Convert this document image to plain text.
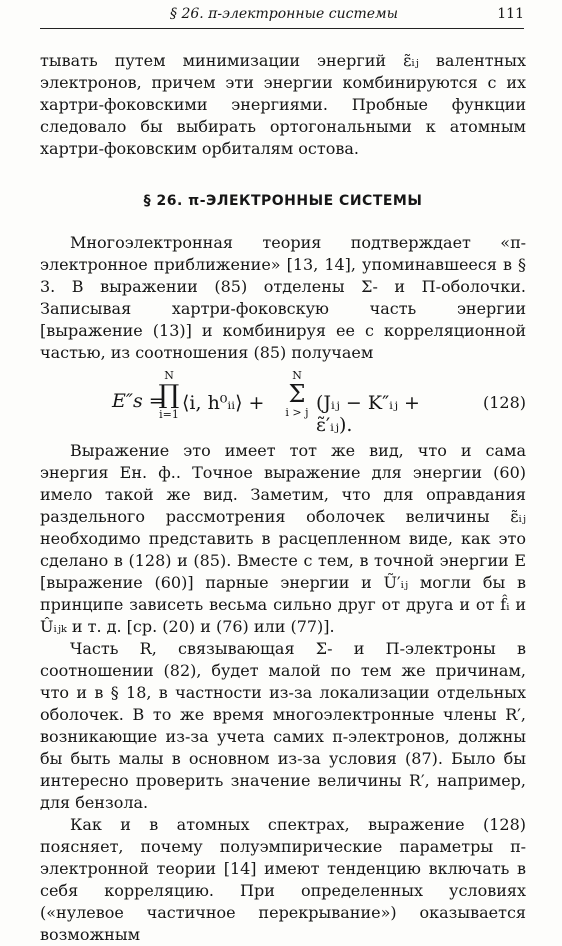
§ 26. π-электронные системы	111

тывать путем минимизации энергий ε̃ᵢⱼ валентных электронов, причем эти энергии комбинируются с их хартри-фоковскими энергиями. Пробные функции следовало бы выбирать ортогональными к атомным хартри-фоковским орбиталям остова.

§ 26. π-ЭЛЕКТРОННЫЕ СИСТЕМЫ

Многоэлектронная теория подтверждает «π-электронное приближение» [13, 14], упоминавшееся в § 3. В выражении (85) отделены Σ- и Π-оболочки. Записывая хартри-фоковскую часть энергии [выражение (13)] и комбинируя ее с корреляционной частью, из соотношения (85) получаем

E″s =
N
∏
i=1
⟨i, h⁰ᵢᵢ⟩ +
N
Σ
i > j (Jᵢⱼ − K″ᵢⱼ + ε̃′ᵢⱼ).
(128)

Выражение это имеет тот же вид, что и сама энергия Eн. ф.. Точное выражение для энергии (60) имело такой же вид. Заметим, что для оправдания раздельного рассмотрения оболочек величины ε̃ᵢⱼ необходимо представить в расцепленном виде, как это сделано в (128) и (85). Вместе с тем, в точной энергии E [выражение (60)] парные энергии и Ũ′ᵢⱼ могли бы в принципе зависеть весьма сильно друг от друга и от f̂ᵢ и Ûᵢⱼₖ и т. д. [ср. (20) и (76) или (77)].

Часть R, связывающая Σ- и Π-электроны в соотношении (82), будет малой по тем же причинам, что и в § 18, в частности из-за локализации отдельных оболочек. В то же время многоэлектронные члены R′, возникающие из-за учета самих π-электронов, должны бы быть малы в основном из-за условия (87). Было бы интересно проверить значение величины R′, например, для бензола.

Как и в атомных спектрах, выражение (128) поясняет, почему полуэмпирические параметры π-электронной теории [14] имеют тенденцию включать в себя корреляцию. При определенных условиях («нулевое частичное перекрывание») оказывается возможным
